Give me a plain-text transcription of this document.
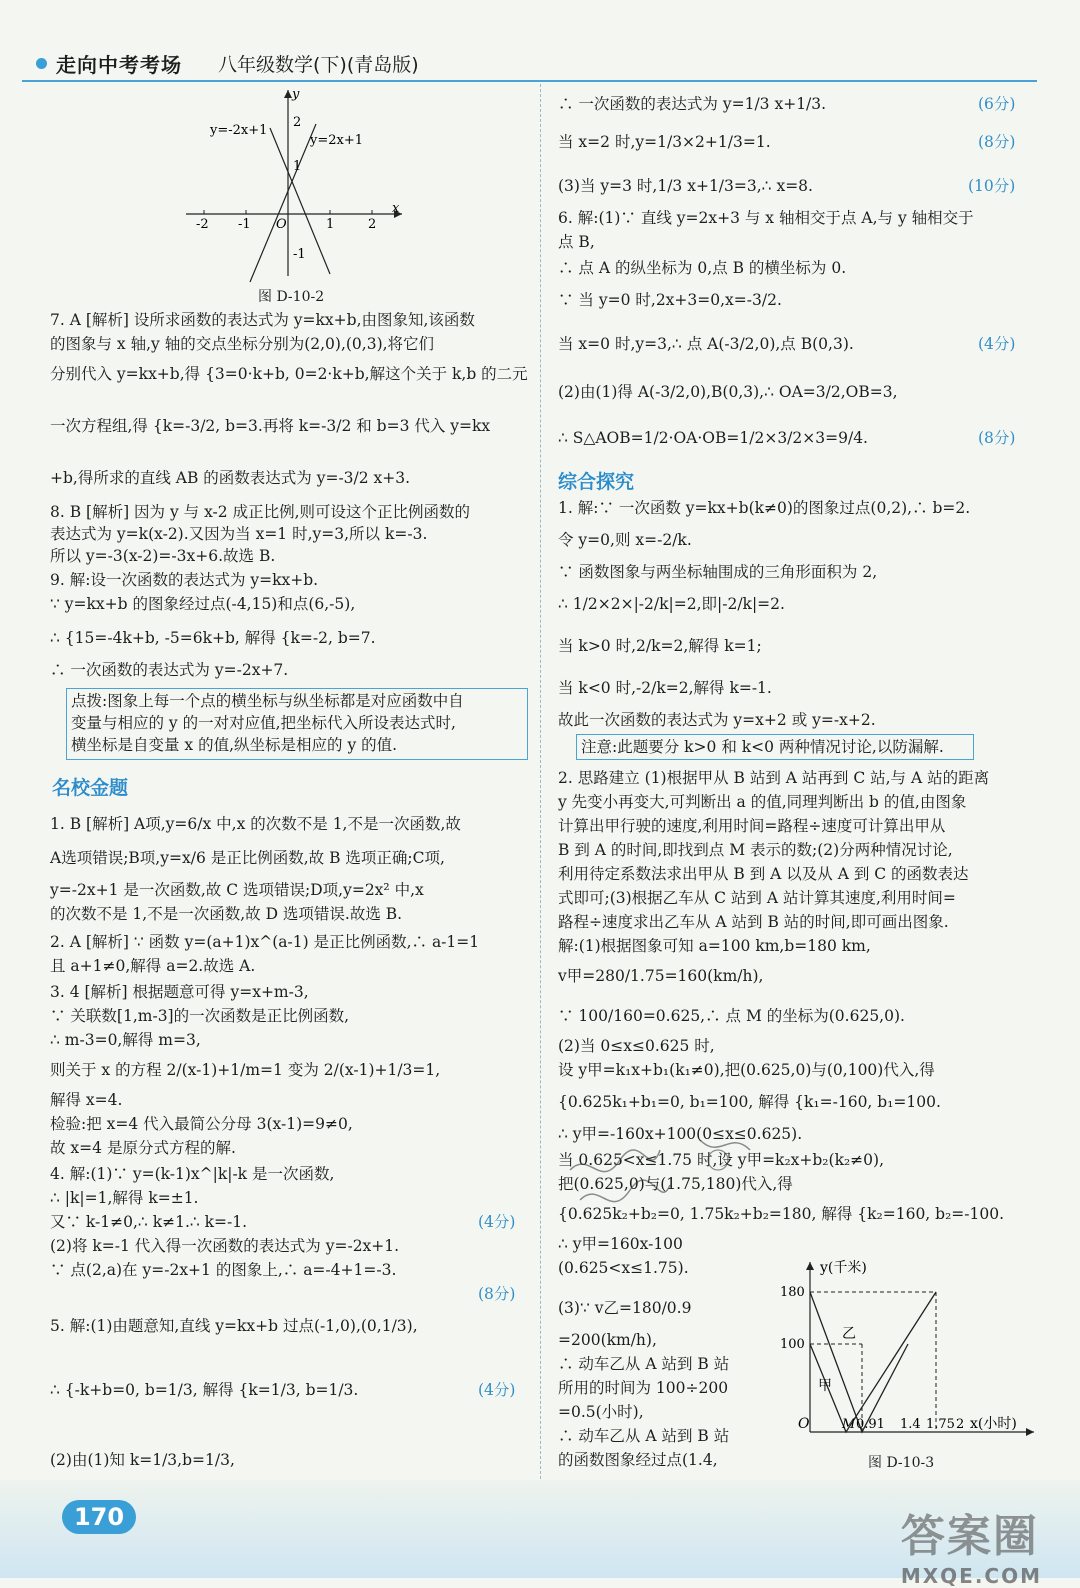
走向中考考场 八年级数学(下)(青岛版)
x
y
O
-2 -1	1	2
2
1
-1
y=-2x+1
y=2x+1
图 D-10-2
7. A [解析] 设所求函数的表达式为 y=kx+b,由图象知,该函数
的图象与 x 轴,y 轴的交点坐标分别为(2,0),(0,3),将它们
分别代入 y=kx+b,得 {3=0·k+b, 0=2·k+b,解这个关于 k,b 的二元
一次方程组,得 {k=-3/2, b=3.再将 k=-3/2 和 b=3 代入 y=kx
+b,得所求的直线 AB 的函数表达式为 y=-3/2 x+3.
8. B [解析] 因为 y 与 x-2 成正比例,则可设这个正比例函数的
表达式为 y=k(x-2).又因为当 x=1 时,y=3,所以 k=-3.
所以 y=-3(x-2)=-3x+6.故选 B.
9. 解:设一次函数的表达式为 y=kx+b.
∵ y=kx+b 的图象经过点(-4,15)和点(6,-5),
∴ {15=-4k+b, -5=6k+b, 解得 {k=-2, b=7.
∴ 一次函数的表达式为 y=-2x+7.
点拨:图象上每一个点的横坐标与纵坐标都是对应函数中自
变量与相应的 y 的一对对应值,把坐标代入所设表达式时,
横坐标是自变量 x 的值,纵坐标是相应的 y 的值.
名校金题
1. B [解析] A项,y=6/x 中,x 的次数不是 1,不是一次函数,故
A选项错误;B项,y=x/6 是正比例函数,故 B 选项正确;C项,
y=-2x+1 是一次函数,故 C 选项错误;D项,y=2x² 中,x
的次数不是 1,不是一次函数,故 D 选项错误.故选 B.
2. A [解析] ∵ 函数 y=(a+1)x^(a-1) 是正比例函数,∴ a-1=1
且 a+1≠0,解得 a=2.故选 A.
3. 4 [解析] 根据题意可得 y=x+m-3,
∵ 关联数[1,m-3]的一次函数是正比例函数,
∴ m-3=0,解得 m=3,
则关于 x 的方程 2/(x-1)+1/m=1 变为 2/(x-1)+1/3=1,
解得 x=4.
检验:把 x=4 代入最简公分母 3(x-1)=9≠0,
故 x=4 是原分式方程的解.
4. 解:(1)∵ y=(k-1)x^|k|-k 是一次函数,
∴ |k|=1,解得 k=±1.
又∵ k-1≠0,∴ k≠1.∴ k=-1.	(4分)
(2)将 k=-1 代入得一次函数的表达式为 y=-2x+1.
∵ 点(2,a)在 y=-2x+1 的图象上,∴ a=-4+1=-3.
(8分)
5. 解:(1)由题意知,直线 y=kx+b 过点(-1,0),(0,1/3),
∴ {-k+b=0, b=1/3, 解得 {k=1/3, b=1/3.	(4分)
(2)由(1)知 k=1/3,b=1/3,
∴ 一次函数的表达式为 y=1/3 x+1/3.	(6分)
当 x=2 时,y=1/3×2+1/3=1.	(8分)
(3)当 y=3 时,1/3 x+1/3=3,∴ x=8.	(10分)
6. 解:(1)∵ 直线 y=2x+3 与 x 轴相交于点 A,与 y 轴相交于
点 B,
∴ 点 A 的纵坐标为 0,点 B 的横坐标为 0.
∵ 当 y=0 时,2x+3=0,x=-3/2.
当 x=0 时,y=3,∴ 点 A(-3/2,0),点 B(0,3).	(4分)
(2)由(1)得 A(-3/2,0),B(0,3),∴ OA=3/2,OB=3,
∴ S△AOB=1/2·OA·OB=1/2×3/2×3=9/4.	(8分)
综合探究
1. 解:∵ 一次函数 y=kx+b(k≠0)的图象过点(0,2),∴ b=2.
令 y=0,则 x=-2/k.
∵ 函数图象与两坐标轴围成的三角形面积为 2,
∴ 1/2×2×|-2/k|=2,即|-2/k|=2.
当 k>0 时,2/k=2,解得 k=1;
当 k<0 时,-2/k=2,解得 k=-1.
故此一次函数的表达式为 y=x+2 或 y=-x+2.
注意:此题要分 k>0 和 k<0 两种情况讨论,以防漏解.
2. 思路建立 (1)根据甲从 B 站到 A 站再到 C 站,与 A 站的距离
y 先变小再变大,可判断出 a 的值,同理判断出 b 的值,由图象
计算出甲行驶的速度,利用时间=路程÷速度可计算出甲从
B 到 A 的时间,即找到点 M 表示的数;(2)分两种情况讨论,
利用待定系数法求出甲从 B 到 A 以及从 A 到 C 的函数表达
式即可;(3)根据乙车从 C 站到 A 站计算其速度,利用时间=
路程÷速度求出乙车从 A 站到 B 站的时间,即可画出图象.
解:(1)根据图象可知 a=100 km,b=180 km,
v甲=280/1.75=160(km/h),
∵ 100/160=0.625,∴ 点 M 的坐标为(0.625,0).
(2)当 0≤x≤0.625 时,
设 y甲=k₁x+b₁(k₁≠0),把(0.625,0)与(0,100)代入,得
{0.625k₁+b₁=0, b₁=100, 解得 {k₁=-160, b₁=100.
∴ y甲=-160x+100(0≤x≤0.625).
当 0.625<x≤1.75 时,设 y甲=k₂x+b₂(k₂≠0),
把(0.625,0)与(1.75,180)代入,得
{0.625k₂+b₂=0, 1.75k₂+b₂=180, 解得 {k₂=160, b₂=-100.
∴ y甲=160x-100
(0.625<x≤1.75).
(3)∵ v乙=180/0.9
=200(km/h),
∴ 动车乙从 A 站到 B 站
所用的时间为 100÷200
=0.5(小时),
∴ 动车乙从 A 站到 B 站
的函数图象经过点(1.4,
y(千米)
x(小时)
O
180
100
M 0.91 1.4 1.75 2
甲
乙
图 D-10-3
170	答案圈
MXQE.COM
